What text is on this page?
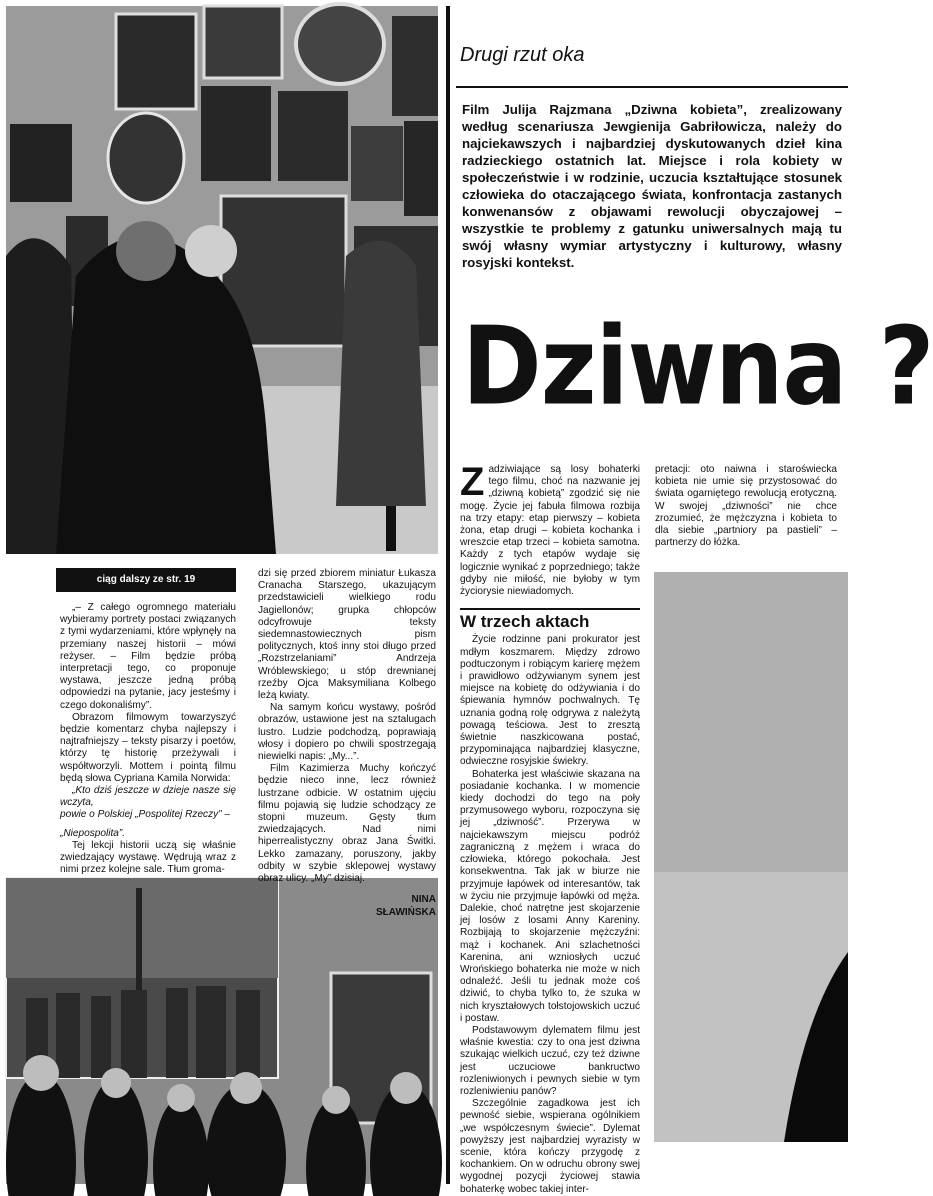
Drugi rzut oka
Film Julija Rajzmana „Dziwna kobieta”, zrealizowany według scenariusza Jewgienija Gabriłowicza, należy do najciekawszych i najbardziej dyskutowanych dzieł kina radzieckiego ostatnich lat. Miejsce i rola kobiety w społeczeństwie i w rodzinie, uczucia kształtujące stosunek człowieka do otaczającego świata, konfrontacja zastanych konwenansów z objawami rewolucji obyczajowej – wszystkie te problemy z gatunku uniwersalnych mają tu swój własny wymiar artystyczny i kulturowy, własny rosyjski kontekst.
Dziwna ?
ciąg dalszy ze str. 19

„– Z całego ogromnego materiału wybieramy portrety postaci związanych z tymi wydarzeniami, które wpłynęły na przemiany naszej historii – mówi reżyser. – Film będzie próbą interpretacji tego, co proponuje wystawa, jeszcze jedną próbą odpowiedzi na pytanie, jacy jesteśmy i czego dokonaliśmy”.

Obrazom filmowym towarzyszyć będzie komentarz chyba najlepszy i najtrafniejszy – teksty pisarzy i poetów, którzy tę historię przeżywali i współtworzyli. Mottem i pointą filmu będą słowa Cypriana Kamila Norwida:

„Kto dziś jeszcze w dzieje nasze się wczyta,

powie o Polskiej „Pospolitej Rzeczy” –

„Niepospolita”.

Tej lekcji historii uczą się właśnie zwiedzający wystawę. Wędrują wraz z nimi przez kolejne sale. Tłum groma-

dzi się przed zbiorem miniatur Łukasza Cranacha Starszego, ukazującym przedstawicieli wielkiego rodu Jagiellonów; grupka chłopców odcyfrowuje teksty siedemnastowiecznych pism politycznych, ktoś inny stoi długo przed „Rozstrzelaniami” Andrzeja Wróblewskiego; u stóp drewnianej rzeźby Ojca Maksymiliana Kolbego leżą kwiaty.

Na samym końcu wystawy, pośród obrazów, ustawione jest na sztalugach lustro. Ludzie podchodzą, poprawiają włosy i dopiero po chwili spostrzegają niewielki napis: „My...”.

Film Kazimierza Muchy kończyć będzie nieco inne, lecz również lustrzane odbicie. W ostatnim ujęciu filmu pojawią się ludzie schodzący ze stopni muzeum. Gęsty tłum zwiedzających. Nad nimi hiperrealistyczny obraz Jana Świtki. Lekko zamazany, poruszony, jakby odbity w szybie sklepowej wystawy obraz ulicy. „My” dzisiaj.

NINA
SŁAWIŃSKA

Z adziwiające są losy bohaterki tego filmu, choć na nazwanie jej „dziwną kobietą” zgodzić się nie mogę. Życie jej fabuła filmowa rozbija na trzy etapy: etap pierwszy – kobieta żona, etap drugi – kobieta kochanka i wreszcie etap trzeci – kobieta samotna. Każdy z tych etapów wydaje się logicznie wynikać z poprzedniego; także gdyby nie miłość, nie byłoby w tym życiorysie niewiadomych.

W trzech aktach

Życie rodzinne pani prokurator jest mdłym koszmarem. Między zdrowo podtuczonym i robiącym karierę mężem i prawidłowo odżywianym synem jest miejsce na kobietę do odżywiania i do śpiewania hymnów pochwalnych. Tę uznania godną rolę odgrywa z należytą powagą teściowa. Jest to zresztą świetnie naszkicowana postać, przypominająca najbardziej klasyczne, odwieczne rosyjskie świekry.

Bohaterka jest właściwie skazana na posiadanie kochanka. I w momencie kiedy dochodzi do tego na poły przymusowego wyboru, rozpoczyna się jej „dziwność”. Przerywa w najciekawszym miejscu podróż zagraniczną z mężem i wraca do człowieka, którego pokochała. Jest konsekwentna. Tak jak w biurze nie przyjmuje łapówek od interesantów, tak w życiu nie przyjmuje łapówki od męża. Dalekie, choć natrętne jest skojarzenie jej losów z losami Anny Kareniny. Rozbijają to skojarzenie mężczyźni: mąż i kochanek. Ani szlachetności Karenina, ani wzniosłych uczuć Wrońskiego bohaterka nie może w nich odnaleźć. Jeśli tu jednak może coś dziwić, to chyba tylko to, że szuka w nich kryształowych tołstojowskich uczuć i postaw.

Podstawowym dylematem filmu jest właśnie kwestia: czy to ona jest dziwna szukając wielkich uczuć, czy też dziwne jest uczuciowe bankructwo rozleniwionych i pewnych siebie w tym rozleniwieniu panów?

Szczególnie zagadkowa jest ich pewność siebie, wspierana ogólnikiem „we współczesnym świecie”. Dylemat powyższy jest najbardziej wyrazisty w scenie, która kończy przygodę z kochankiem. On w odruchu obrony swej wygodnej pozycji życiowej stawia bohaterkę wobec takiej inter-

pretacji: oto naiwna i staroświecka kobieta nie umie się przystosować do świata ogarniętego rewolucją erotyczną. W swojej „dziwności” nie chce zrozumieć, że mężczyzna i kobieta to dla siebie „partniory pa pastieli” – partnerzy do łóżka.
